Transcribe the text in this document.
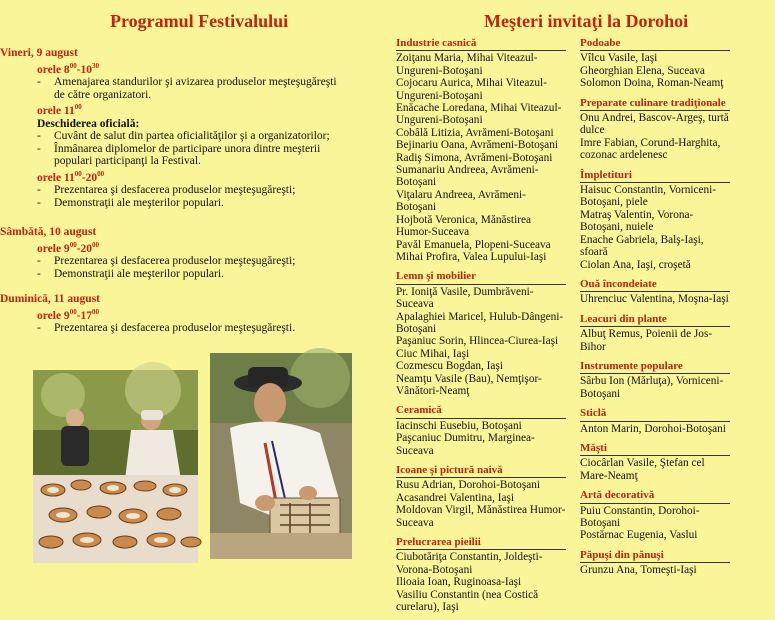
Programul Festivalului
Vineri, 9 august
orele $8^{00}-10^{30}$
- Amenajarea standurilor şi avizarea produselor meşteşugăreşti de către organizatori.
orele $11^{00}$
Deschiderea oficială:
- Cuvânt de salut din partea oficialităţilor şi a organizatorilor;
- Înmânarea diplomelor de participare unora dintre meşterii populari participanţi la Festival.
orele $11^{00}-20^{00}$
- Prezentarea şi desfacerea produselor meşteşugăreşti;
- Demonstraţii ale meşterilor populari.
Sâmbătă, 10 august
orele $9^{00}-20^{00}$
- Prezentarea şi desfacerea produselor meşteşugăreşti;
- Demonstraţii ale meşterilor populari.
Duminică, 11 august
orele $9^{00}-17^{00}$
- Prezentarea şi desfacerea produselor meşteşugăreşti.
Meşteri invitaţi la Dorohoi
Industrie casnică
Zoiţanu Maria, Mihai Viteazul-Ungureni-Botoşani
Cojocaru Aurica, Mihai Viteazul-Ungureni-Botoşani
Enăcache Loredana, Mihai Viteazul-Ungureni-Botoşani
Cobâlă Litizia, Avrămeni-Botoşani
Bejinariu Oana, Avrămeni-Botoşani
Radiş Simona, Avrămeni-Botoşani
Sumanariu Andreea, Avrămeni-Botoşani
Viţalaru Andreea, Avrămeni-Botoşani
Hojbotă Veronica, Mănăstirea Humor-Suceava
Pavăl Emanuela, Plopeni-Suceava
Mihai Profira, Valea Lupului-Iaşi
Lemn şi mobilier
Pr. Ioniţă Vasile, Dumbrăveni-Suceava
Apalaghiei Maricel, Hulub-Dângeni-Botoşani
Paşaniuc Sorin, Hlincea-Ciurea-Iaşi
Ciuc Mihai, Iaşi
Cozmescu Bogdan, Iaşi
Neamţu Vasile (Bau), Nemţişor-Vânători-Neamţ
Ceramică
Iacinschi Eusebiu, Botoşani
Paşcaniuc Dumitru, Marginea-Suceava
Icoane şi pictură naivă
Rusu Adrian, Dorohoi-Botoşani
Acasandrei Valentina, Iaşi
Moldovan Virgil, Mănăstirea Humor-Suceava
Prelucrarea pieilii
Ciubotăriţa Constantin, Joldeşti-Vorona-Botoşani
Ilioaia Ioan, Ruginoasa-Iaşi
Vasiliu Constantin (nea Costică curelaru), Iaşi
Podoabe
Vîlcu Vasile, Iaşi
Gheorghian Elena, Suceava
Solomon Doina, Roman-Neamţ
Preparate culinare tradiţionale
Onu Andrei, Bascov-Argeş, turtă dulce
Imre Fabian, Corund-Harghita, cozonac ardelenesc
Împletituri
Haisuc Constantin, Vorniceni-Botoşani, piele
Matraş Valentin, Vorona-Botoşani, nuiele
Enache Gabriela, Balş-Iaşi, sfoară
Ciolan Ana, Iaşi, croşetă
Ouă încondeiate
Uhrenciuc Valentina, Moşna-Iaşi
Leacuri din plante
Albuţ Remus, Poienii de Jos-Bihor
Instrumente populare
Sârbu Ion (Mărluţa), Vorniceni-Botoşani
Sticlă
Anton Marin, Dorohoi-Botoşani
Măşti
Ciocârlan Vasile, Ştefan cel Mare-Neamţ
Artă decorativă
Puiu Constantin, Dorohoi-Botoşani
Postărnac Eugenia, Vaslui
Păpuşi din pănuşi
Grunzu Ana, Tomeşti-Iaşi
